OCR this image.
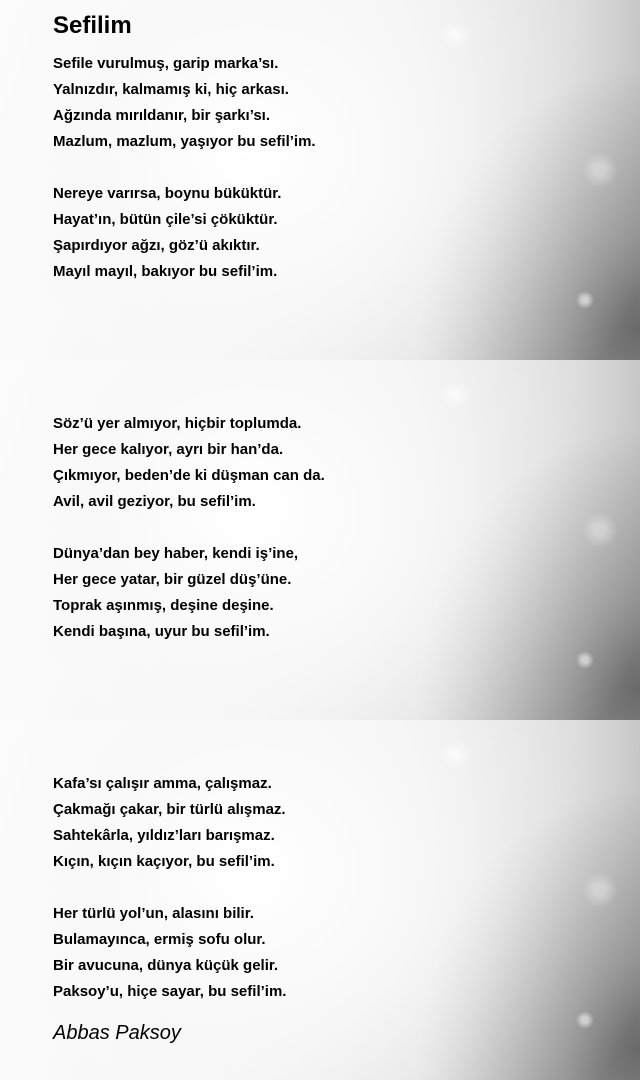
Sefilim
Sefile vurulmuş, garip marka’sı.
Yalnızdır, kalmamış ki, hiç arkası.
Ağzında mırıldanır, bir şarkı’sı.
Mazlum, mazlum, yaşıyor bu sefil’im.
Nereye varırsa, boynu büküktür.
Hayat’ın, bütün çile’si çöküktür.
Şapırdıyor ağzı, göz’ü akıktır.
Mayıl mayıl, bakıyor bu sefil’im.
Söz’ü yer almıyor, hiçbir toplumda.
Her gece kalıyor, ayrı bir han’da.
Çıkmıyor, beden’de ki düşman can da.
Avil, avil geziyor, bu sefil’im.
Dünya’dan bey haber, kendi iş’ine,
Her gece yatar, bir güzel düş’üne.
Toprak aşınmış, deşine deşine.
Kendi başına, uyur bu sefil’im.
Kafa’sı çalışır amma, çalışmaz.
Çakmağı çakar, bir türlü alışmaz.
Sahtekârla, yıldız’ları barışmaz.
Kıçın, kıçın kaçıyor, bu sefil’im.
Her türlü yol’un, alasını bilir.
Bulamayınca, ermiş sofu olur.
Bir avucuna, dünya küçük gelir.
Paksoy’u, hiçe sayar, bu sefil’im.

Abbas Paksoy
